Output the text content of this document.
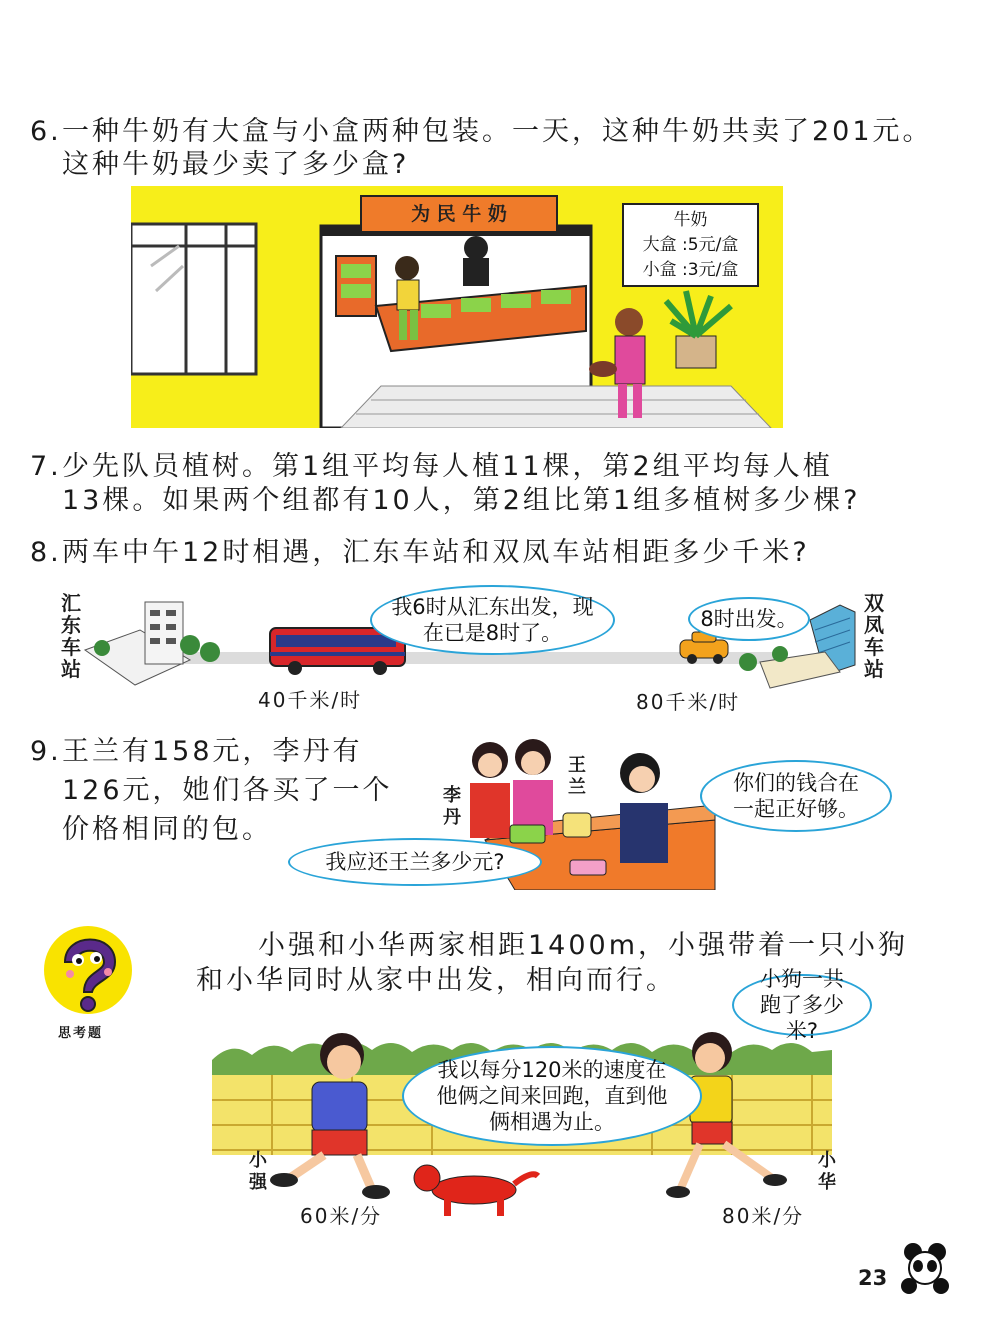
6. 一种牛奶有大盒与小盒两种包装。一天，这种牛奶共卖了201元。
这种牛奶最少卖了多少盒?
为 民 牛 奶	牛奶
大盒 :5元/盒
小盒 :3元/盒
7. 少先队员植树。第1组平均每人植11棵，第2组平均每人植
13棵。如果两个组都有10人，第2组比第1组多植树多少棵?
8. 两车中午12时相遇，汇东车站和双凤车站相距多少千米?
汇东车站
双凤车站
我6时从汇东出发，现在已是8时了。
8时出发。
40千米/时	80千米/时
9. 王兰有158元，李丹有
126元，她们各买了一个
价格相同的包。
王兰
李丹
你们的钱合在一起正好够。
我应还王兰多少元?
思考题
小强和小华两家相距1400m，小强带着一只小狗
和小华同时从家中出发，相向而行。	小狗一共跑了多少米?
我以每分120米的速度在他俩之间来回跑，直到他俩相遇为止。
小强
小华
60米/分	80米/分
23
